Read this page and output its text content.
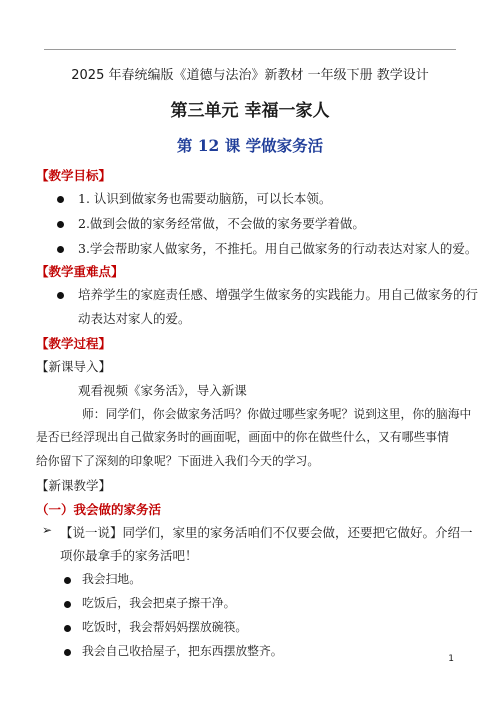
2025 年春统编版《道德与法治》新教材 一年级下册 教学设计
第三单元 幸福一家人
第 12 课 学做家务活
【教学目标】
1. 认识到做家务也需要动脑筋，可以长本领。
2.做到会做的家务经常做，不会做的家务要学着做。
3.学会帮助家人做家务，不推托。用自己做家务的行动表达对家人的爱。
【教学重难点】
培养学生的家庭责任感、增强学生做家务的实践能力。用自己做家务的行
动表达对家人的爱。
【教学过程】
【新课导入】
观看视频《家务活》，导入新课
师：同学们，你会做家务活吗？你做过哪些家务呢？说到这里，你的脑海中
是否已经浮现出自己做家务时的画面呢，画面中的你在做些什么，又有哪些事情
给你留下了深刻的印象呢？下面进入我们今天的学习。
【新课教学】
（一）我会做的家务活
➢ 【说一说】同学们，家里的家务活咱们不仅要会做，还要把它做好。介绍一
项你最拿手的家务活吧！
我会扫地。
吃饭后，我会把桌子擦干净。
吃饭时，我会帮妈妈摆放碗筷。
我会自己收拾屋子，把东西摆放整齐。
1
